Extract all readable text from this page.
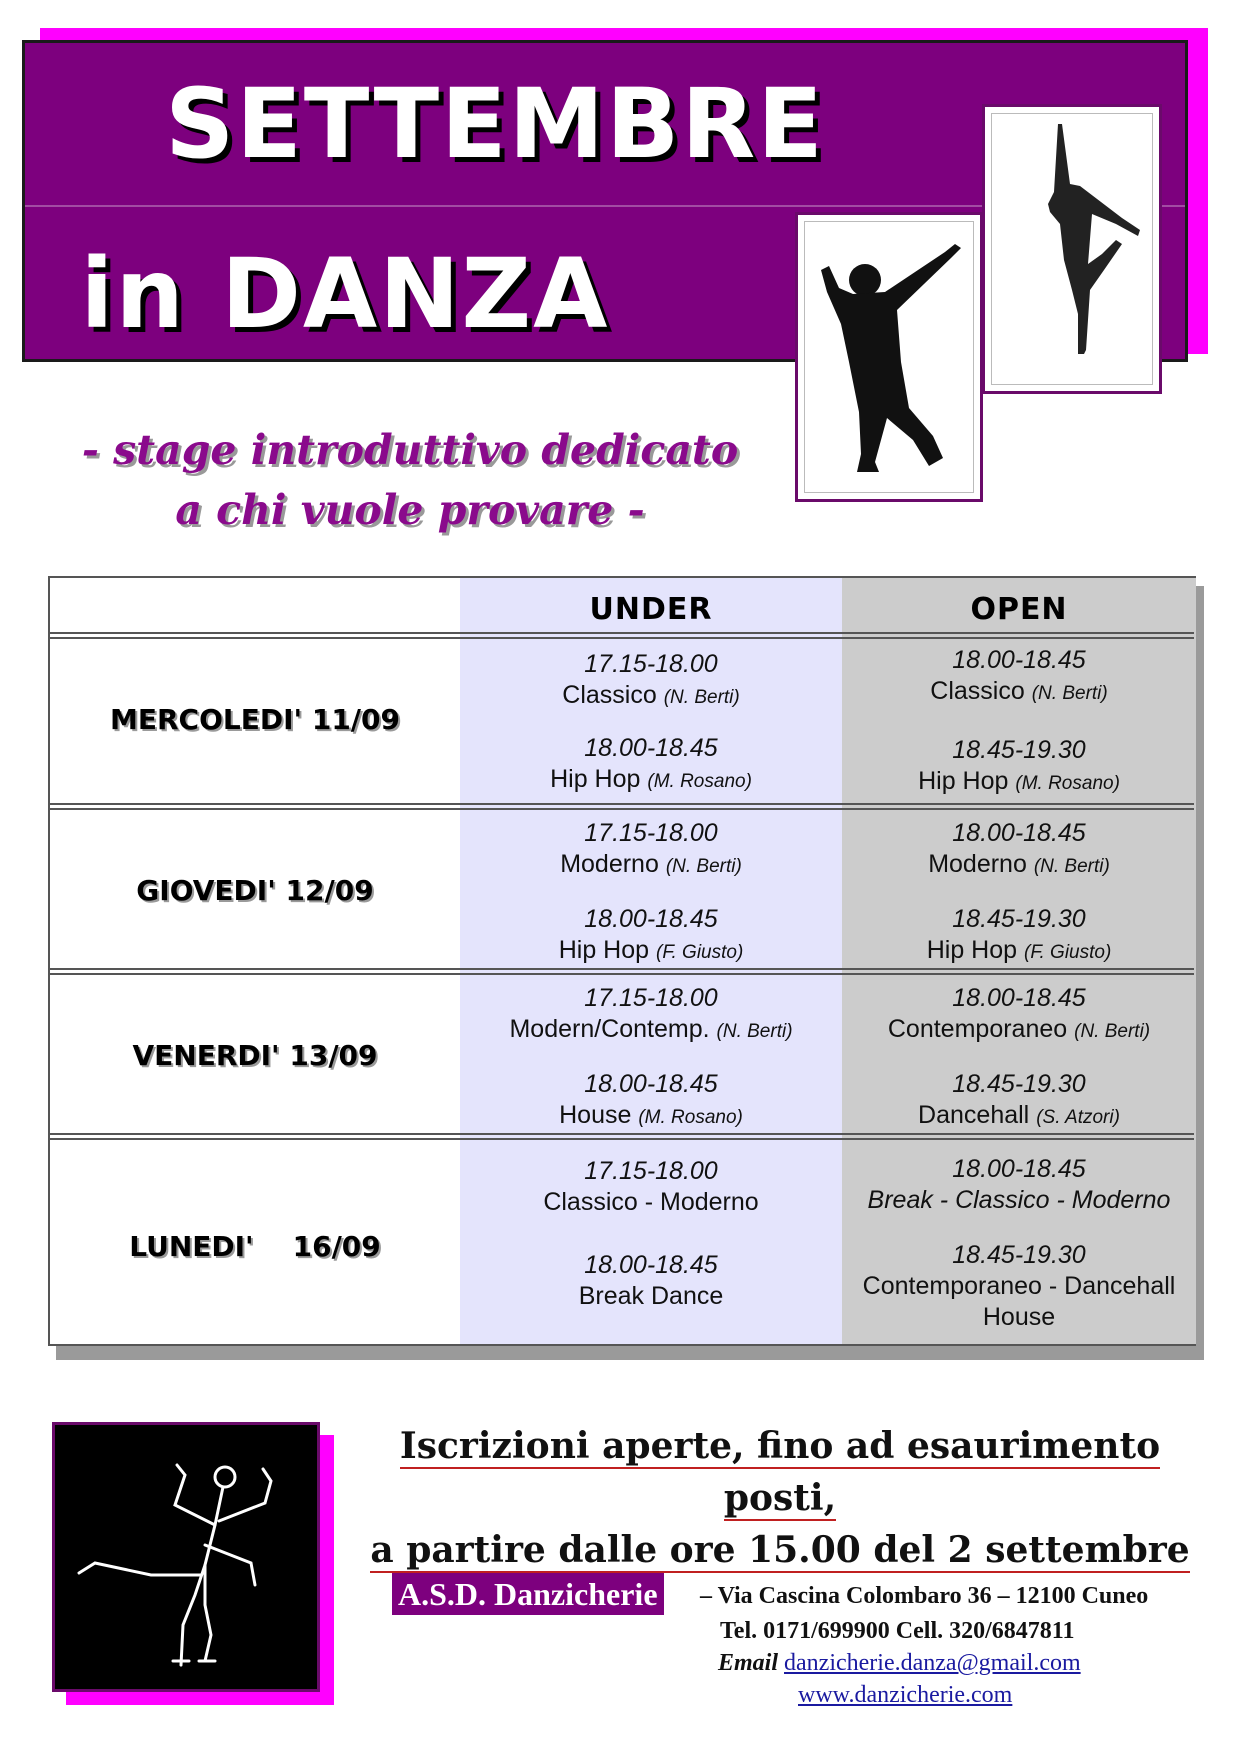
SETTEMBRE
in DANZA
- stage introduttivo dedicato
a chi vuole provare -
UNDER	OPEN
MERCOLEDI' 11/09
17.15-18.00
Classico (N. Berti)
18.00-18.45
Hip Hop (M. Rosano)
18.00-18.45
Classico (N. Berti)
18.45-19.30
Hip Hop (M. Rosano)
GIOVEDI' 12/09
17.15-18.00
Moderno (N. Berti)
18.00-18.45
Hip Hop (F. Giusto)
18.00-18.45
Moderno (N. Berti)
18.45-19.30
Hip Hop (F. Giusto)
VENERDI' 13/09
17.15-18.00
Modern/Contemp. (N. Berti)
18.00-18.45
House (M. Rosano)
18.00-18.45
Contemporaneo (N. Berti)
18.45-19.30
Dancehall (S. Atzori)
LUNEDI'    16/09
17.15-18.00
Classico - Moderno
18.00-18.45
Break Dance
18.00-18.45
Break - Classico - Moderno
18.45-19.30
Contemporaneo - Dancehall
House
Iscrizioni aperte, fino ad esaurimento posti,
a partire dalle ore 15.00 del 2 settembre
A.S.D. Danzicherie – Via Cascina Colombaro 36 – 12100 Cuneo
Tel. 0171/699900 Cell. 320/6847811
Email danzicherie.danza@gmail.com
www.danzicherie.com
